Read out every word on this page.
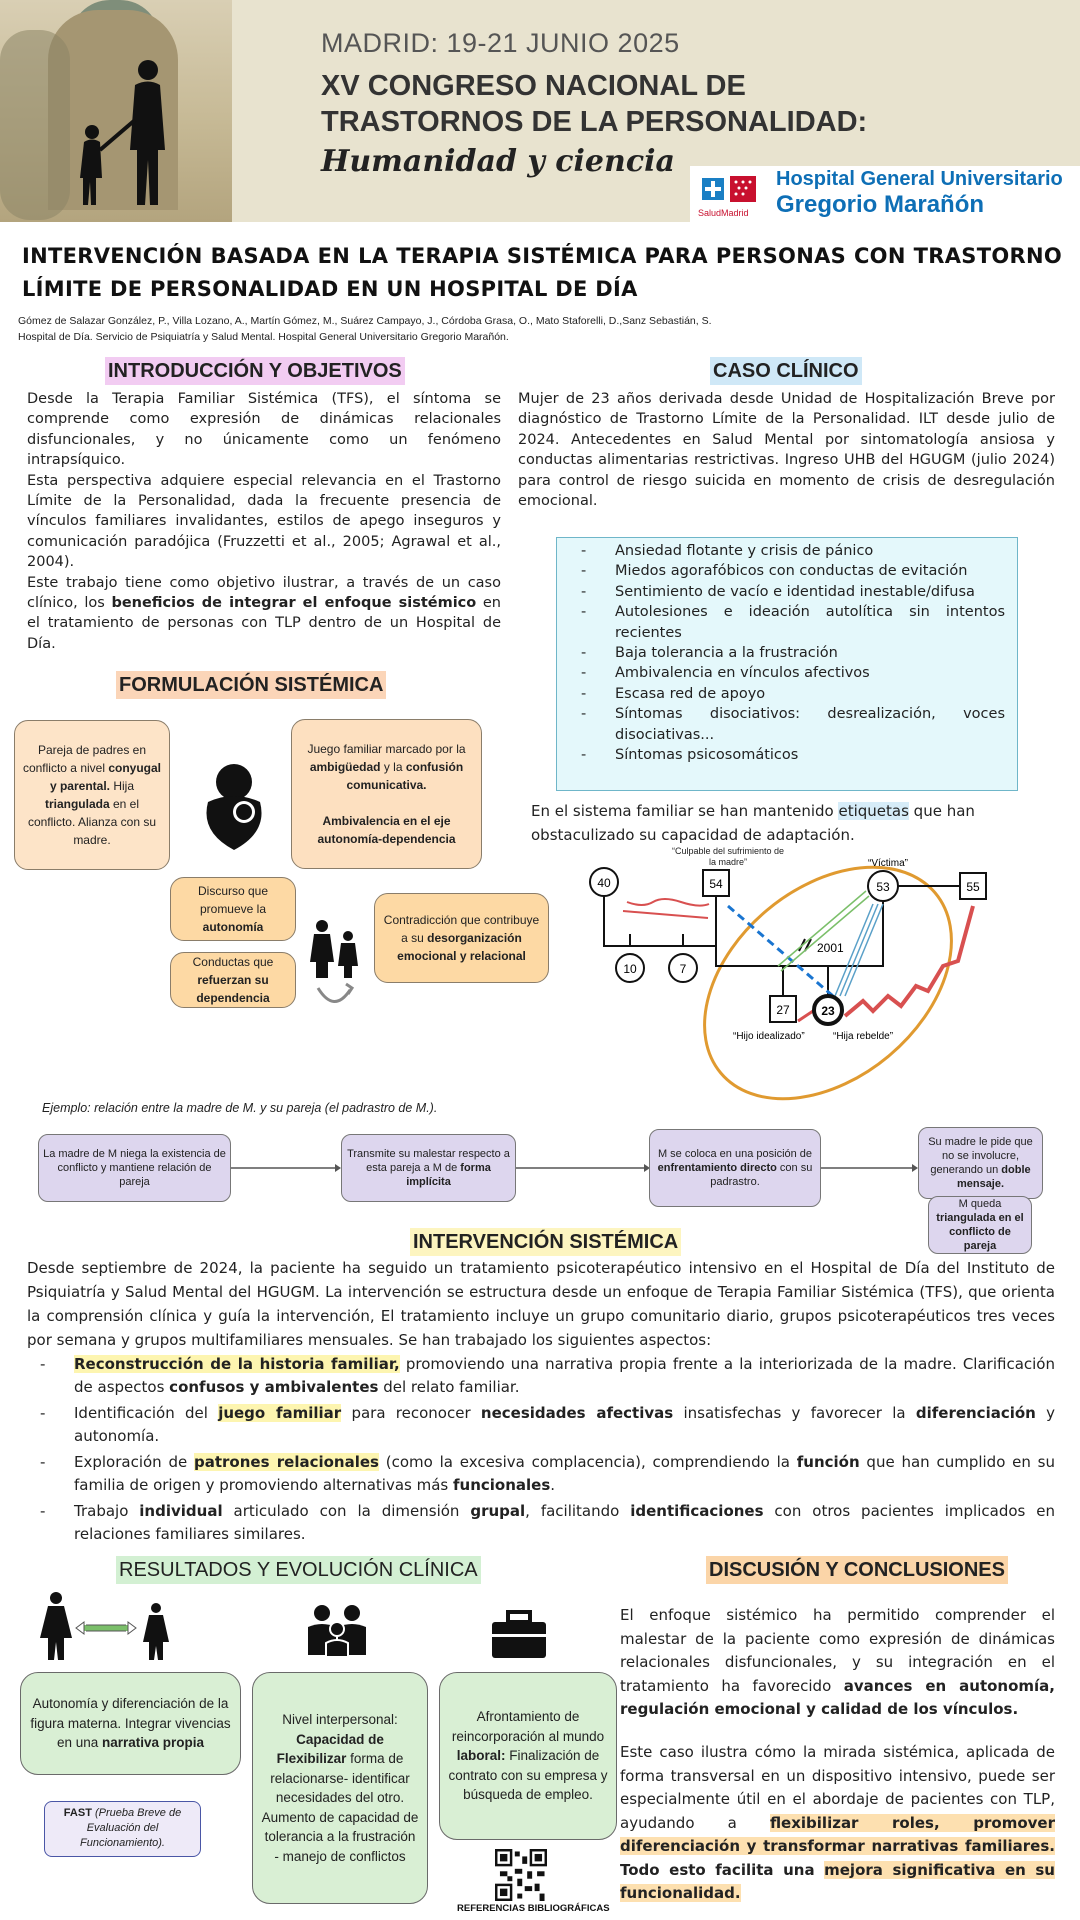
MADRID: 19-21 JUNIO 2025
XV CONGRESO NACIONAL DE
TRASTORNOS DE LA PERSONALIDAD:
Humanidad y ciencia
SaludMadrid
Hospital General Universitario
Gregorio Marañón
INTERVENCIÓN BASADA EN LA TERAPIA SISTÉMICA PARA PERSONAS CON TRASTORNO LÍMITE DE PERSONALIDAD EN UN HOSPITAL DE DÍA
Gómez de Salazar González, P., Villa Lozano, A., Martín Gómez, M., Suárez Campayo, J., Córdoba Grasa, O., Mato Staforelli, D.,Sanz Sebastián, S.
Hospital de Día. Servicio de Psiquiatría y Salud Mental. Hospital General Universitario Gregorio Marañón.
INTRODUCCIÓN Y OBJETIVOS
Desde la Terapia Familiar Sistémica (TFS), el síntoma se comprende como expresión de dinámicas relacionales disfuncionales, y no únicamente como un fenómeno intrapsíquico.
Esta perspectiva adquiere especial relevancia en el Trastorno Límite de la Personalidad, dada la frecuente presencia de vínculos familiares invalidantes, estilos de apego inseguros y comunicación paradójica (Fruzzetti et al., 2005; Agrawal et al., 2004).
Este trabajo tiene como objetivo ilustrar, a través de un caso clínico, los beneficios de integrar el enfoque sistémico en el tratamiento de personas con TLP dentro de un Hospital de Día.
CASO CLÍNICO
Mujer de 23 años derivada desde Unidad de Hospitalización Breve por diagnóstico de Trastorno Límite de la Personalidad. ILT desde julio de 2024. Antecedentes en Salud Mental por sintomatología ansiosa y conductas alimentarias restrictivas. Ingreso UHB del HGUGM (julio 2024) para control de riesgo suicida en momento de crisis de desregulación emocional.
- Ansiedad flotante y crisis de pánico
- Miedos agorafóbicos con conductas de evitación
- Sentimiento de vacío e identidad inestable/difusa
- Autolesiones e ideación autolítica sin intentos recientes
- Baja tolerancia a la frustración
- Ambivalencia en vínculos afectivos
- Escasa red de apoyo
- Síntomas disociativos: desrealización, voces disociativas...
- Síntomas psicosomáticos
En el sistema familiar se han mantenido etiquetas que han obstaculizado su capacidad de adaptación.
40	54	53	55
10	7
27	23
2001
“Culpable del sufrimiento de la madre”	“Víctima”
“Hijo idealizado”	“Hija rebelde”
FORMULACIÓN SISTÉMICA
Pareja de padres en conflicto a nivel conyugal y parental. Hija triangulada en el conflicto. Alianza con su madre.
Juego familiar marcado por la ambigüedad y la confusión comunicativa.

Ambivalencia en el eje autonomía-dependencia
Discurso que promueve la autonomía
Conductas que refuerzan su dependencia
Contradicción que contribuye a su desorganización emocional y relacional
Ejemplo: relación entre la madre de M. y su pareja (el padrastro de M.).
La madre de M niega la existencia de conflicto y mantiene relación de pareja
Transmite su malestar respecto a esta pareja a M de forma implícita
M se coloca en una posición de enfrentamiento directo con su padrastro.
Su madre le pide que no se involucre, generando un doble mensaje.
M queda triangulada en el conflicto de pareja
INTERVENCIÓN SISTÉMICA
Desde septiembre de 2024, la paciente ha seguido un tratamiento psicoterapéutico intensivo en el Hospital de Día del Instituto de Psiquiatría y Salud Mental del HGUGM. La intervención se estructura desde un enfoque de Terapia Familiar Sistémica (TFS), que orienta la comprensión clínica y guía la intervención, El tratamiento incluye un grupo comunitario diario, grupos psicoterapéuticos tres veces por semana y grupos multifamiliares mensuales. Se han trabajado los siguientes aspectos:
- Reconstrucción de la historia familiar, promoviendo una narrativa propia frente a la interiorizada de la madre. Clarificación de aspectos confusos y ambivalentes del relato familiar.
- Identificación del juego familiar para reconocer necesidades afectivas insatisfechas y favorecer la diferenciación y autonomía.
- Exploración de patrones relacionales (como la excesiva complacencia), comprendiendo la función que han cumplido en su familia de origen y promoviendo alternativas más funcionales.
- Trabajo individual articulado con la dimensión grupal, facilitando identificaciones con otros pacientes implicados en relaciones familiares similares.
RESULTADOS Y EVOLUCIÓN CLÍNICA
Autonomía y diferenciación de la figura materna. Integrar vivencias en una narrativa propia
Nivel interpersonal: Capacidad de Flexibilizar forma de relacionarse- identificar necesidades del otro. Aumento de capacidad de tolerancia a la frustración - manejo de conflictos
Afrontamiento de reincorporación al mundo laboral: Finalización de contrato con su empresa y búsqueda de empleo.
FAST (Prueba Breve de Evaluación del Funcionamiento).
REFERENCIAS BIBLIOGRÁFICAS
DISCUSIÓN Y CONCLUSIONES
El enfoque sistémico ha permitido comprender el malestar de la paciente como expresión de dinámicas relacionales disfuncionales, y su integración en el tratamiento ha favorecido avances en autonomía, regulación emocional y calidad de los vínculos.
Este caso ilustra cómo la mirada sistémica, aplicada de forma transversal en un dispositivo intensivo, puede ser especialmente útil en el abordaje de pacientes con TLP, ayudando a flexibilizar roles, promover diferenciación y transformar narrativas familiares. Todo esto facilita una mejora significativa en su funcionalidad.
